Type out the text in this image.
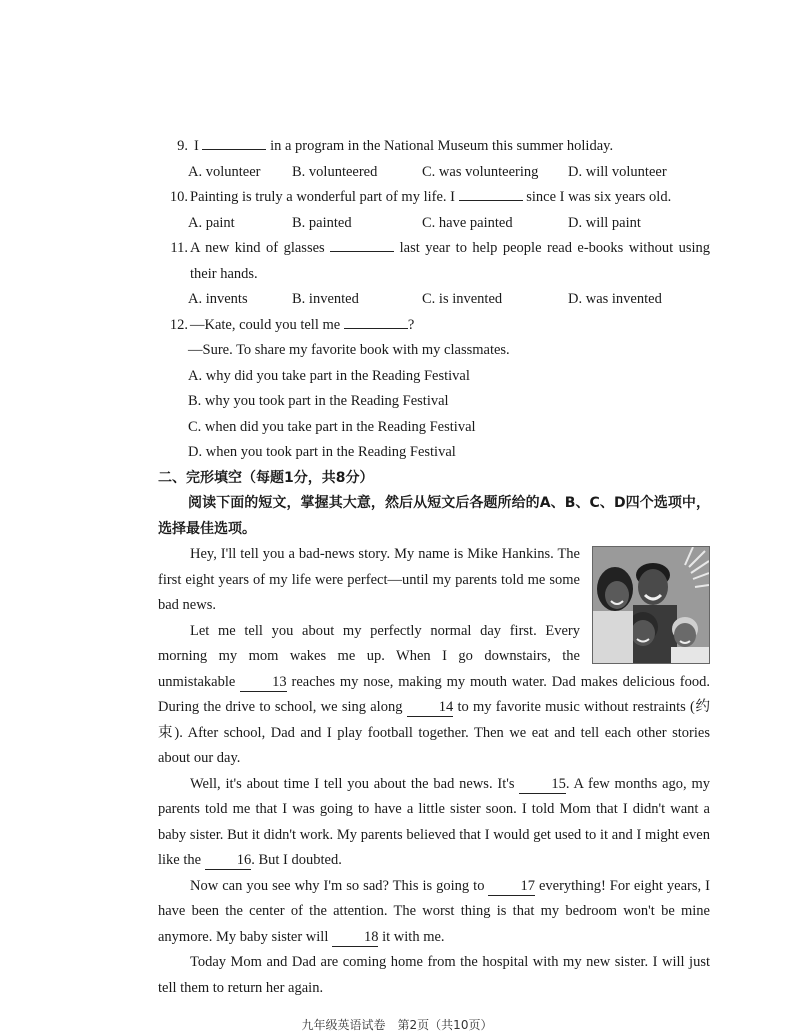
9. I	in a program in the National Museum this summer holiday.
A. volunteer	B. volunteered	C. was volunteering	D. will volunteer
10. Painting is truly a wonderful part of my life. I	since I was six years old.
A. paint	B. painted	C. have painted	D. will paint
11. A new kind of glasses	last year to help people read e-books without using their hands.
A. invents	B. invented	C. is invented	D. was invented
12. —Kate, could you tell me	?
—Sure. To share my favorite book with my classmates.
A. why did you take part in the Reading Festival
B. why you took part in the Reading Festival
C. when did you take part in the Reading Festival
D. when you took part in the Reading Festival
二、完形填空（每题1分，共8分）
阅读下面的短文，掌握其大意，然后从短文后各题所给的A、B、C、D四个选项中，选择最佳选项。
Hey, I'll tell you a bad-news story. My name is Mike Hankins. The first eight years of my life were perfect—until my parents told me some bad news.
Let me tell you about my perfectly normal day first. Every morning my mom wakes me up. When I go downstairs, the unmistakable 13 reaches my nose, making my mouth water. Dad makes delicious food. During the drive to school, we sing along 14 to my favorite music without restraints (约束). After school, Dad and I play football together. Then we eat and tell each other stories about our day.
Well, it's about time I tell you about the bad news. It's 15. A few months ago, my parents told me that I was going to have a little sister soon. I told Mom that I didn't want a baby sister. But it didn't work. My parents believed that I would get used to it and I might even like the 16. But I doubted.
Now can you see why I'm so sad? This is going to 17 everything! For eight years, I have been the center of the attention. The worst thing is that my bedroom won't be mine anymore. My baby sister will 18 it with me.
Today Mom and Dad are coming home from the hospital with my new sister. I will just tell them to return her again.
九年级英语试卷　第2页（共10页）
